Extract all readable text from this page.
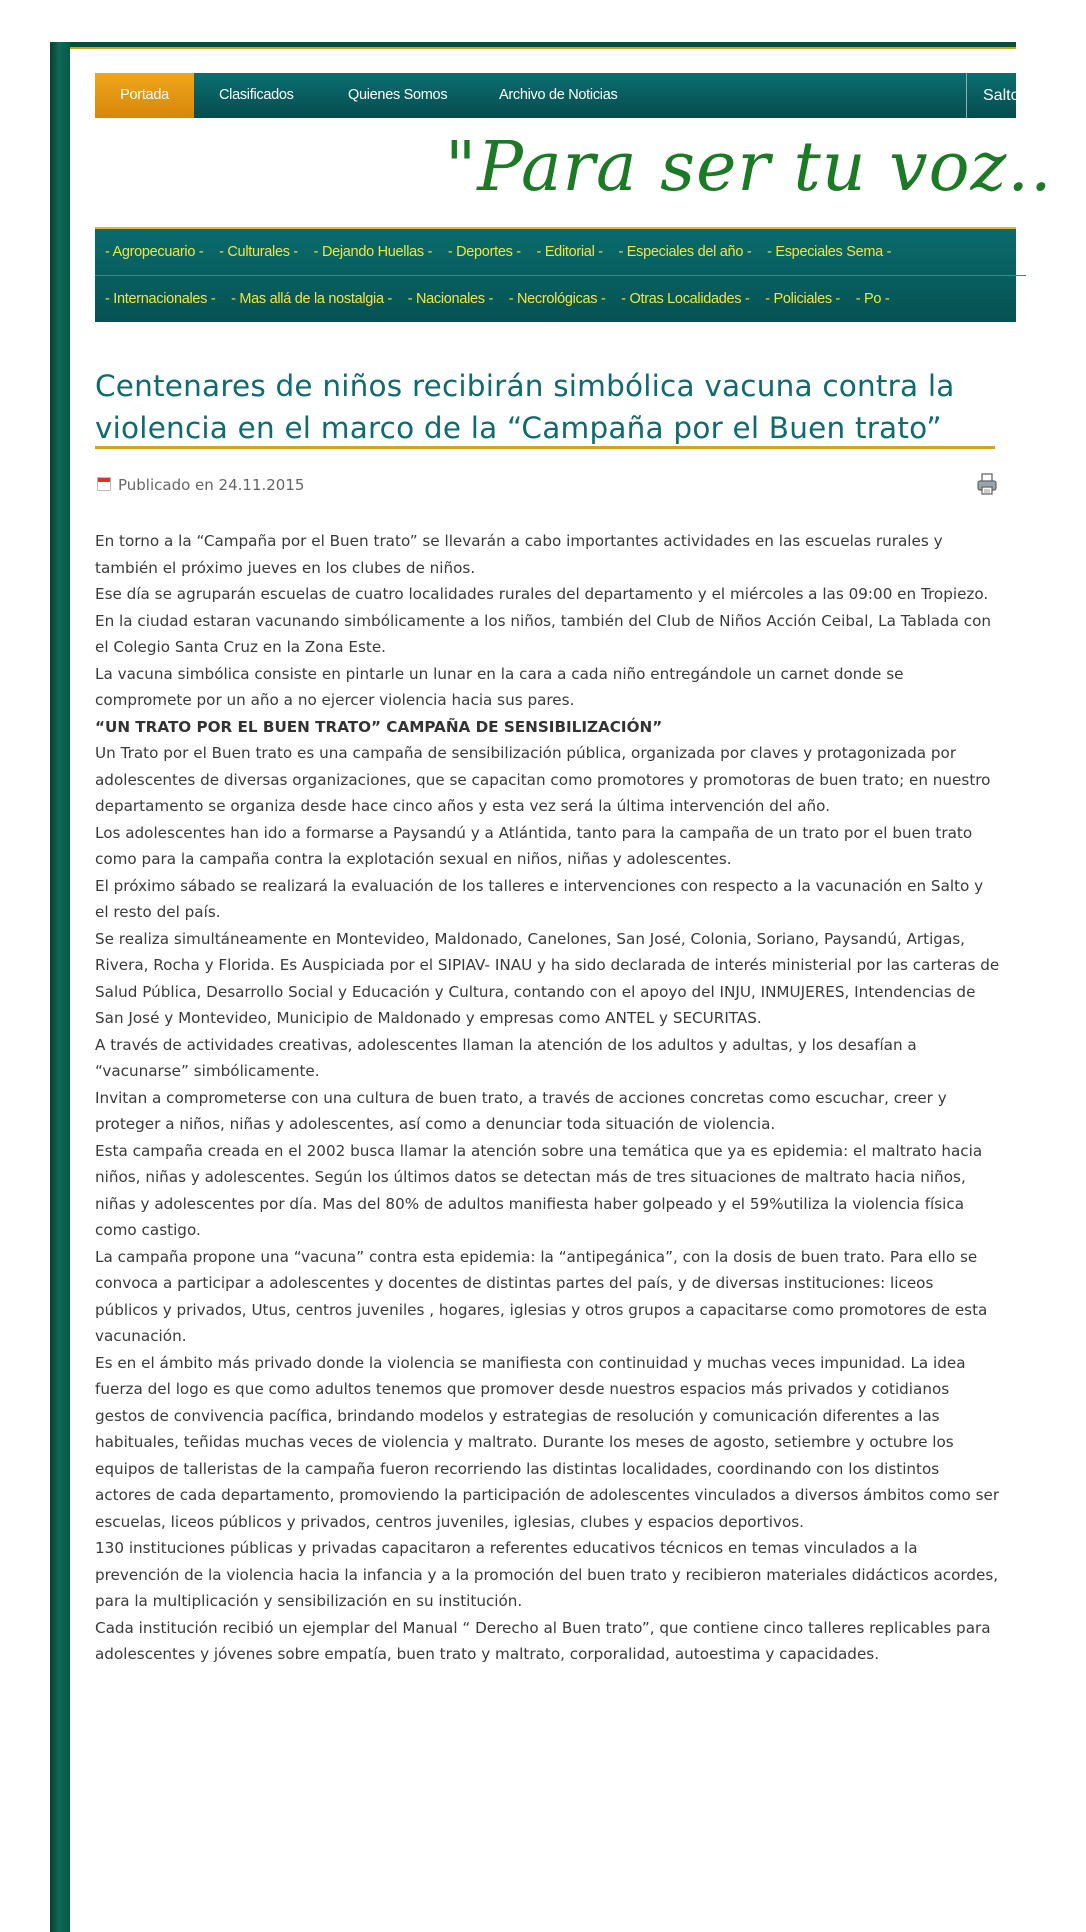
Portada	Clasificados	Quienes Somos	Archivo de Noticias	Salto, 24 de N
"Para ser tu voz..
- Agropecuario - - Culturales - - Dejando Huellas - - Deportes - - Editorial - - Especiales del año - - Especiales Sema -
- Internacionales - - Mas allá de la nostalgia - - Nacionales - - Necrológicas - - Otras Localidades - - Policiales - - Po -
Centenares de niños recibirán simbólica vacuna contra la violencia en el marco de la “Campaña por el Buen trato”
Publicado en 24.11.2015

En torno a la “Campaña por el Buen trato” se llevarán a cabo importantes actividades en las escuelas rurales y también el próximo jueves en los clubes de niños.

Ese día se agruparán escuelas de cuatro localidades rurales del departamento y el miércoles a las 09:00 en Tropiezo.

En la ciudad estaran vacunando simbólicamente a los niños, también del Club de Niños Acción Ceibal, La Tablada con el Colegio Santa Cruz en la Zona Este.

La vacuna simbólica consiste en pintarle un lunar en la cara a cada niño entregándole un carnet donde se compromete por un año a no ejercer violencia hacia sus pares.

“UN TRATO POR EL BUEN TRATO” CAMPAÑA DE SENSIBILIZACIÓN”

Un Trato por el Buen trato es una campaña de sensibilización pública, organizada por claves y protagonizada por adolescentes de diversas organizaciones, que se capacitan como promotores y promotoras de buen trato; en nuestro departamento se organiza desde hace cinco años y esta vez será la última intervención del año.

Los adolescentes han ido a formarse a Paysandú y a Atlántida, tanto para la campaña de un trato por el buen trato como para la campaña contra la explotación sexual en niños, niñas y adolescentes.

El próximo sábado se realizará la evaluación de los talleres e intervenciones con respecto a la vacunación en Salto y el resto del país.

Se realiza simultáneamente en Montevideo, Maldonado, Canelones, San José, Colonia, Soriano, Paysandú, Artigas, Rivera, Rocha y Florida. Es Auspiciada por el SIPIAV- INAU y ha sido declarada de interés ministerial por las carteras de Salud Pública, Desarrollo Social y Educación y Cultura, contando con el apoyo del INJU, INMUJERES, Intendencias de San José y Montevideo, Municipio de Maldonado y empresas como ANTEL y SECURITAS.

A través de actividades creativas, adolescentes llaman la atención de los adultos y adultas, y los desafían a “vacunarse” simbólicamente.

Invitan a comprometerse con una cultura de buen trato, a través de acciones concretas como escuchar, creer y proteger a niños, niñas y adolescentes, así como a denunciar toda situación de violencia.

Esta campaña creada en el 2002 busca llamar la atención sobre una temática que ya es epidemia: el maltrato hacia niños, niñas y adolescentes. Según los últimos datos se detectan más de tres situaciones de maltrato hacia niños, niñas y adolescentes por día. Mas del 80% de adultos manifiesta haber golpeado y el 59%utiliza la violencia física como castigo.

La campaña propone una “vacuna” contra esta epidemia: la “antipegánica”, con la dosis de buen trato. Para ello se convoca a participar a adolescentes y docentes de distintas partes del país, y de diversas instituciones: liceos públicos y privados, Utus, centros juveniles , hogares, iglesias y otros grupos a capacitarse como promotores de esta vacunación.

Es en el ámbito más privado donde la violencia se manifiesta con continuidad y muchas veces impunidad. La idea fuerza del logo es que como adultos tenemos que promover desde nuestros espacios más privados y cotidianos gestos de convivencia pacífica, brindando modelos y estrategias de resolución y comunicación diferentes a las habituales, teñidas muchas veces de violencia y maltrato. Durante los meses de agosto, setiembre y octubre los equipos de talleristas de la campaña fueron recorriendo las distintas localidades, coordinando con los distintos actores de cada departamento, promoviendo la participación de adolescentes vinculados a diversos ámbitos como ser escuelas, liceos públicos y privados, centros juveniles, iglesias, clubes y espacios deportivos.

130 instituciones públicas y privadas capacitaron a referentes educativos técnicos en temas vinculados a la prevención de la violencia hacia la infancia y a la promoción del buen trato y recibieron materiales didácticos acordes, para la multiplicación y sensibilización en su institución.

Cada institución recibió un ejemplar del Manual “ Derecho al Buen trato”, que contiene cinco talleres replicables para adolescentes y jóvenes sobre empatía, buen trato y maltrato, corporalidad, autoestima y capacidades.
